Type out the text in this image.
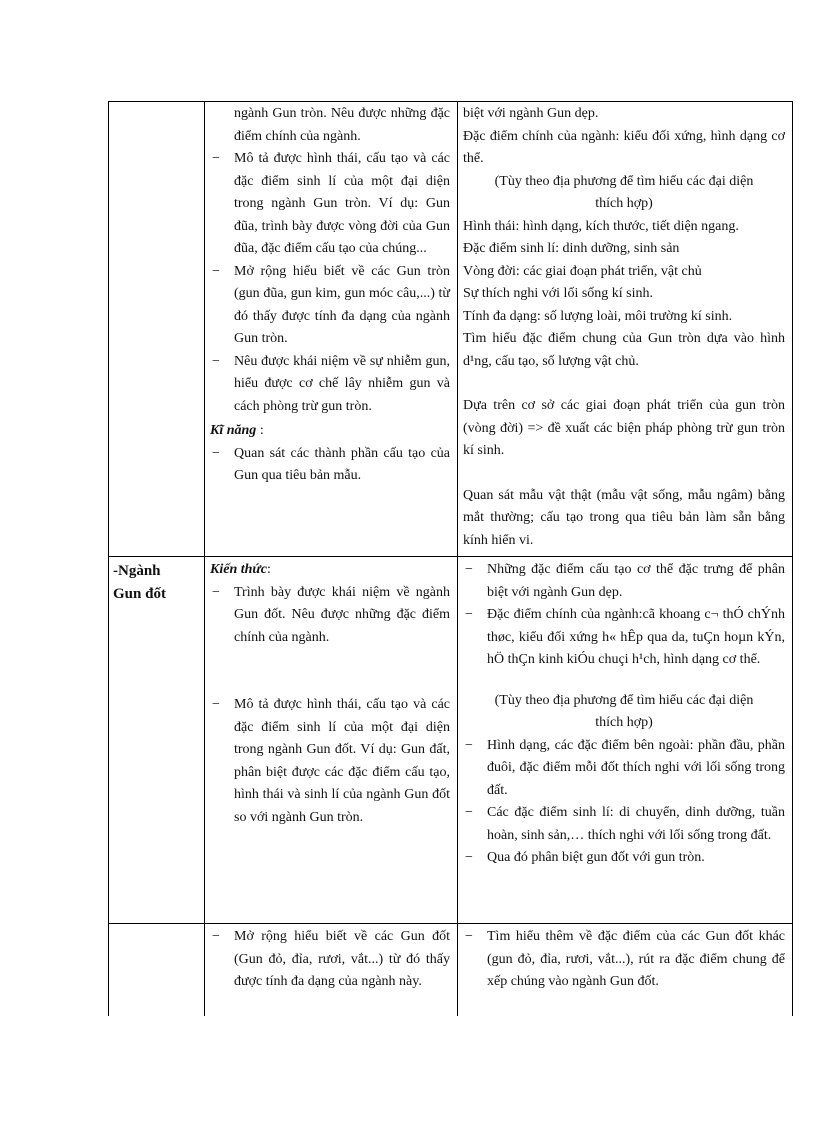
ngành Gun tròn. Nêu được những đặc điểm chính của ngành.
− Mô tả được hình thái, cấu tạo và các đặc điểm sinh lí của một đại diện trong ngành Gun tròn. Ví dụ: Gun đũa, trình bày được vòng đời của Gun đũa, đặc điểm cấu tạo của chúng...
− Mở rộng hiểu biết về các Gun tròn (gun đũa, gun kim, gun móc câu,...) từ đó thấy được tính đa dạng của ngành Gun tròn.
− Nêu được khái niệm về sự nhiễm gun, hiểu được cơ chế lây nhiễm gun và cách phòng trừ gun tròn.
Kĩ năng :
− Quan sát các thành phần cấu tạo của Gun qua tiêu bản mẫu.
biệt với ngành Gun dẹp.
Đặc điểm chính của ngành: kiểu đối xứng, hình dạng cơ thể.
(Tùy theo địa phương để tìm hiểu các đại diện thích hợp)
Hình thái: hình dạng, kích thước, tiết diện ngang.
Đặc điểm sinh lí: dinh dưỡng, sinh sản
Vòng đời: các giai đoạn phát triển, vật chủ
Sự thích nghi với lối sống kí sinh.
Tính đa dạng: số lượng loài, môi trường kí sinh.
Tìm hiểu đặc điểm chung của Gun tròn dựa vào hình d¹ng, cấu tạo, số lượng vật chủ.
Dựa trên cơ sở các giai đoạn phát triển của gun tròn (vòng đời) => đề xuất các biện pháp phòng trừ gun tròn kí sinh.
Quan sát mẫu vật thật (mẫu vật sống, mẫu ngâm) bằng mắt thường; cấu tạo trong qua tiêu bản làm sẵn bằng kính hiển vi.
-Ngành
Gun đốt
Kiến thức:
− Trình bày được khái niệm về ngành Gun đốt. Nêu được những đặc điểm chính của ngành.
− Mô tả được hình thái, cấu tạo và các đặc điểm sinh lí của một đại diện trong ngành Gun đốt. Ví dụ: Gun đất, phân biệt được các đặc điểm cấu tạo, hình thái và sinh lí của ngành Gun đốt so với ngành Gun tròn.
− Những đặc điểm cấu tạo cơ thể đặc trưng để phân biệt với ngành Gun dẹp.
− Đặc điểm chính của ngành:cã khoang c¬ thÓ chÝnh thøc, kiểu đối xứng h« hÊp qua da, tuÇn hoµn kÝn, hÖ thÇn kinh kiÓu chuçi h¹ch, hình dạng cơ thể.
(Tùy theo địa phương để tìm hiểu các đại diện thích hợp)
− Hình dạng, các đặc điểm bên ngoài: phần đầu, phần đuôi, đặc điểm mỗi đốt thích nghi với lối sống trong đất.
− Các đặc điểm sinh lí: di chuyển, dinh dưỡng, tuần hoàn, sinh sản,… thích nghi với lối sống trong đất.
− Qua đó phân biệt gun đốt với gun tròn.
− Mở rộng hiểu biết về các Gun đốt (Gun đỏ, đỉa, rươi, vắt...) từ đó thấy được tính đa dạng của ngành này.
− Tìm hiểu thêm về đặc điểm của các Gun đốt khác (gun đỏ, đỉa, rươi, vắt...), rút ra đặc điểm chung để xếp chúng vào ngành Gun đốt.
